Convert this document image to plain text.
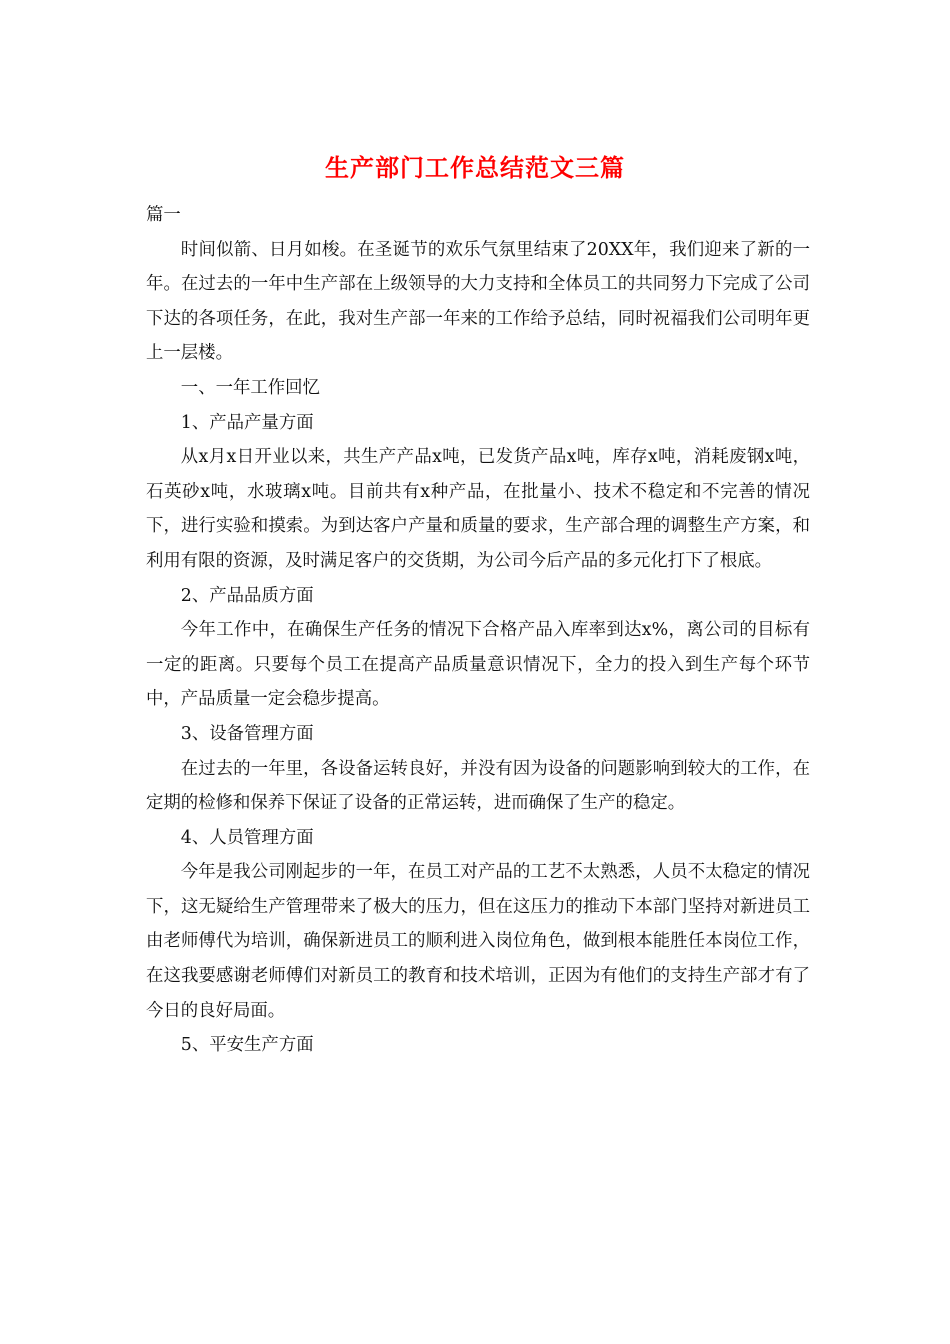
生产部门工作总结范文三篇

篇一

时间似箭、日月如梭。在圣诞节的欢乐气氛里结束了20XX年，我们迎来了新的一年。在过去的一年中生产部在上级领导的大力支持和全体员工的共同努力下完成了公司下达的各项任务，在此，我对生产部一年来的工作给予总结，同时祝福我们公司明年更上一层楼。

一、一年工作回忆

1、产品产量方面

从x月x日开业以来，共生产产品x吨，已发货产品x吨，库存x吨，消耗废钢x吨，石英砂x吨，水玻璃x吨。目前共有x种产品，在批量小、技术不稳定和不完善的情况下，进行实验和摸索。为到达客户产量和质量的要求，生产部合理的调整生产方案，和利用有限的资源，及时满足客户的交货期，为公司今后产品的多元化打下了根底。

2、产品品质方面

今年工作中，在确保生产任务的情况下合格产品入库率到达x%，离公司的目标有一定的距离。只要每个员工在提高产品质量意识情况下，全力的投入到生产每个环节中，产品质量一定会稳步提高。

3、设备管理方面

在过去的一年里，各设备运转良好，并没有因为设备的问题影响到较大的工作，在定期的检修和保养下保证了设备的正常运转，进而确保了生产的稳定。

4、人员管理方面

今年是我公司刚起步的一年，在员工对产品的工艺不太熟悉，人员不太稳定的情况下，这无疑给生产管理带来了极大的压力，但在这压力的推动下本部门坚持对新进员工由老师傅代为培训，确保新进员工的顺利进入岗位角色，做到根本能胜任本岗位工作，在这我要感谢老师傅们对新员工的教育和技术培训，正因为有他们的支持生产部才有了今日的良好局面。

5、平安生产方面
